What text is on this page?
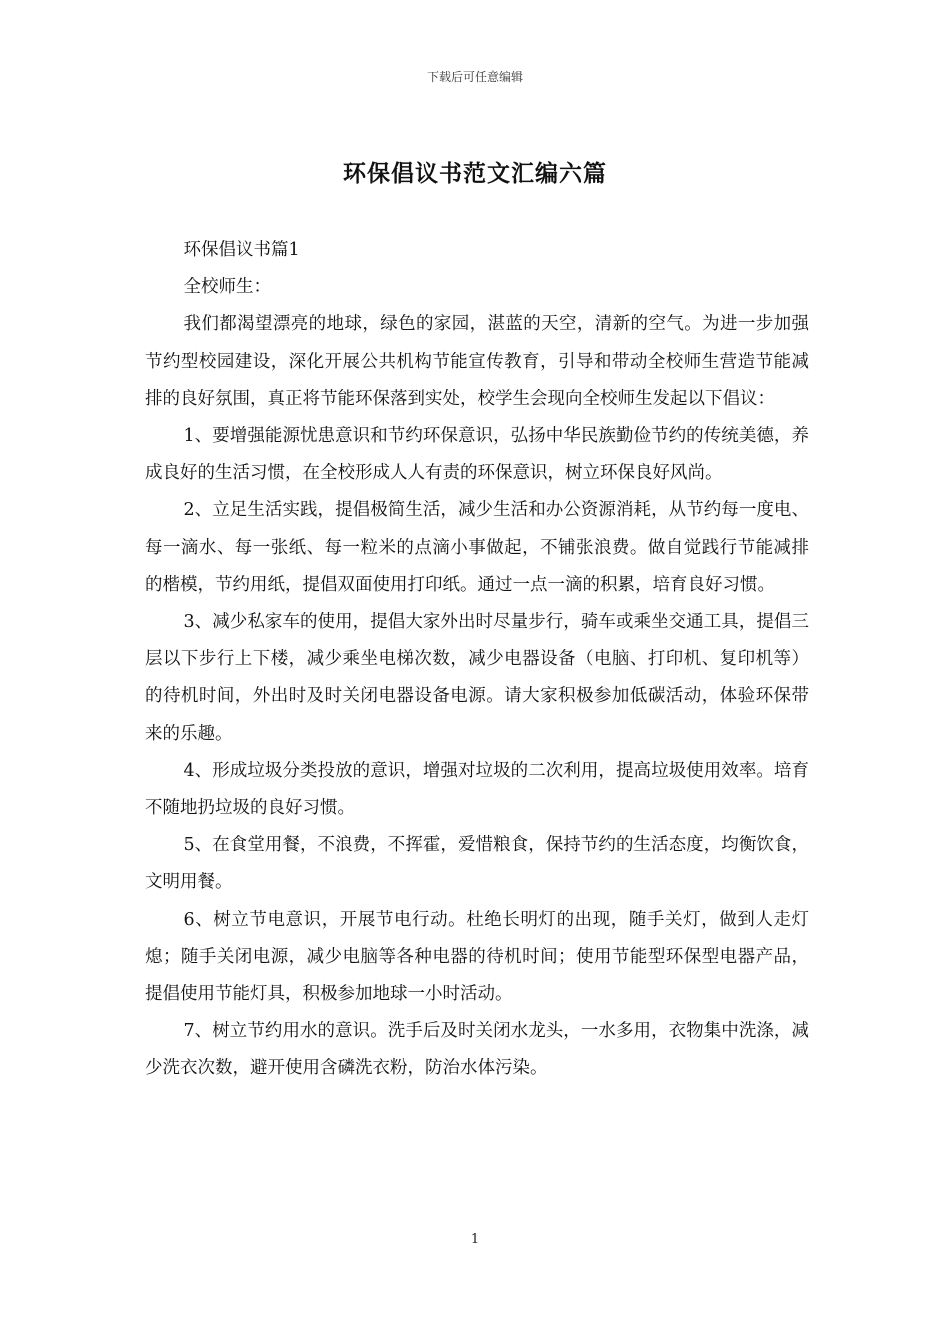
下载后可任意编辑
环保倡议书范文汇编六篇

环保倡议书篇1

全校师生：

我们都渴望漂亮的地球，绿色的家园，湛蓝的天空，清新的空气。为进一步加强节约型校园建设，深化开展公共机构节能宣传教育，引导和带动全校师生营造节能减排的良好氛围，真正将节能环保落到实处，校学生会现向全校师生发起以下倡议：

1、要增强能源忧患意识和节约环保意识，弘扬中华民族勤俭节约的传统美德，养成良好的生活习惯，在全校形成人人有责的环保意识，树立环保良好风尚。

2、立足生活实践，提倡极简生活，减少生活和办公资源消耗，从节约每一度电、每一滴水、每一张纸、每一粒米的点滴小事做起，不铺张浪费。做自觉践行节能减排的楷模，节约用纸，提倡双面使用打印纸。通过一点一滴的积累，培育良好习惯。

3、减少私家车的使用，提倡大家外出时尽量步行，骑车或乘坐交通工具，提倡三层以下步行上下楼，减少乘坐电梯次数，减少电器设备（电脑、打印机、复印机等）的待机时间，外出时及时关闭电器设备电源。请大家积极参加低碳活动，体验环保带来的乐趣。

4、形成垃圾分类投放的意识，增强对垃圾的二次利用，提高垃圾使用效率。培育不随地扔垃圾的良好习惯。

5、在食堂用餐，不浪费，不挥霍，爱惜粮食，保持节约的生活态度，均衡饮食，文明用餐。

6、树立节电意识，开展节电行动。杜绝长明灯的出现，随手关灯，做到人走灯熄；随手关闭电源，减少电脑等各种电器的待机时间；使用节能型环保型电器产品，提倡使用节能灯具，积极参加地球一小时活动。

7、树立节约用水的意识。洗手后及时关闭水龙头，一水多用，衣物集中洗涤，减少洗衣次数，避开使用含磷洗衣粉，防治水体污染。

1
